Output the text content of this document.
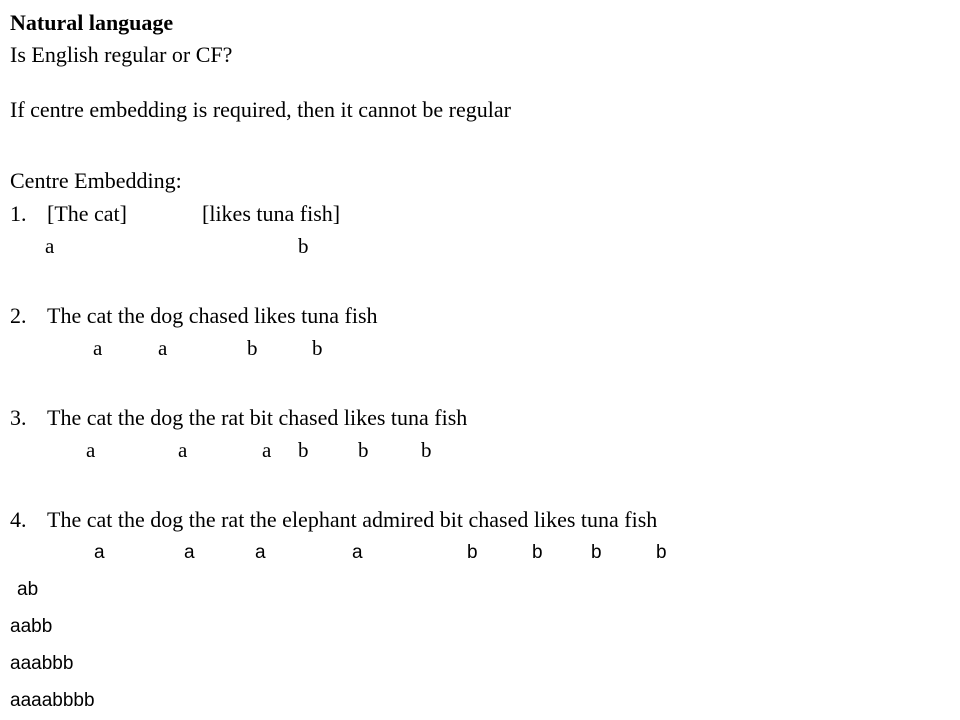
Natural language
Is English regular or CF?
If centre embedding is required, then it cannot be regular
Centre Embedding:
1. [The cat]	[likes tuna fish]
a	b
2. The cat the dog chased likes tuna fish
a	a	b	b
3. The cat the dog the rat bit chased likes tuna fish
a	a	a b b	b
4. The cat the dog the rat the elephant admired bit chased likes tuna fish
a	a	a	a	b	b	b	b
ab
aabb
aaabbb
aaaabbbb
